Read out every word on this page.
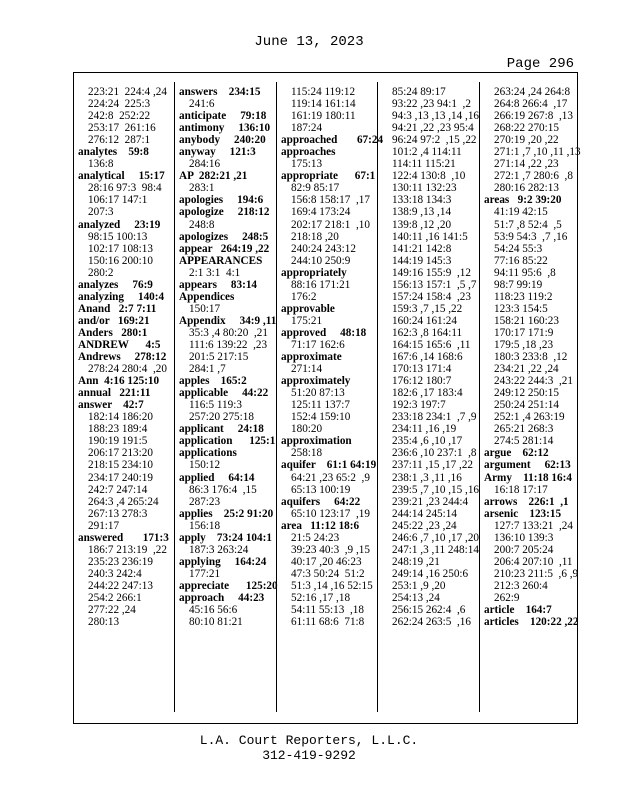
June 13, 2023
Page 296
223:21  224:4 ,24
224:24  225:3
242:8  252:22
253:17  261:16
276:12  287:1
analytes    59:8
136:8
analytical     15:17
28:16 97:3  98:4
106:17 147:1
207:3
analyzed     23:19
98:15 100:13
102:17 108:13
150:16 200:10
280:2
analyzes     76:9
analyzing     140:4
Anand   2:7 7:11
and/or   169:21
Anders   280:1
ANDREW      4:5
Andrews     278:12
278:24 280:4  ,20
Ann  4:16 125:10
annual   221:11
answer    42:7
182:14 186:20
188:23 189:4
190:19 191:5
206:17 213:20
218:15 234:10
234:17 240:19
242:7 247:14
264:3 ,4 265:24
267:13 278:3
291:17
answered       171:3
186:7 213:19  ,22
235:23 236:19
240:3 242:4
244:22 247:13
254:2 266:1
277:22 ,24
280:13
answers    234:15
241:6
anticipate     79:18
antimony     136:10
anybody     240:20
anyway     121:3
284:16
AP  282:21 ,21
283:1
apologies     194:6
apologize     218:12
248:8
apologizes     248:5
appear   264:19 ,22
APPEARANCES
2:1 3:1  4:1
appears     83:14
Appendices
150:17
Appendix     34:9 ,11
35:3 ,4 80:20  ,21
111:6 139:22  ,23
201:5 217:15
284:1 ,7
apples    165:2
applicable     44:22
116:5 119:3
257:20 275:18
applicant     24:18
application      125:1
applications
150:12
applied     64:14
86:3 176:4  ,15
287:23
applies    25:2 91:20
156:18
apply    73:24 104:1
187:3 263:24
applying     164:24
177:21
appreciate      125:20
approach     44:23
45:16 56:6
80:10 81:21
115:24 119:12
119:14 161:14
161:19 180:11
187:24
approached       67:24
approaches
175:13
appropriate      67:1
82:9 85:17
156:8 158:17  ,17
169:4 173:24
202:17 218:1  ,10
218:18 ,20
240:24 243:12
244:10 250:9
appropriately
88:16 171:21
176:2
approvable
175:21
approved     48:18
71:17 162:6
approximate
271:14
approximately
51:20 87:13
125:11 137:7
152:4 159:10
180:20
approximation
258:18
aquifer    61:1 64:19
64:21 ,23 65:2  ,9
65:13 100:19
aquifers     64:22
65:10 123:17  ,19
area   11:12 18:6
21:5 24:23
39:23 40:3  ,9 ,15
40:17 ,20 46:23
47:3 50:24  51:2
51:3 ,14 ,16 52:15
52:16 ,17 ,18
54:11 55:13  ,18
61:11 68:6  71:8
85:24 89:17
93:22 ,23 94:1  ,2
94:3 ,13 ,13 ,14 ,16
94:21 ,22 ,23 95:4
96:24 97:2  ,15 ,22
101:2 ,4 114:11
114:11 115:21
122:4 130:8  ,10
130:11 132:23
133:18 134:3
138:9 ,13 ,14
139:8 ,12 ,20
140:11 ,16 141:5
141:21 142:8
144:19 145:3
149:16 155:9  ,12
156:13 157:1  ,5 ,7
157:24 158:4  ,23
159:3 ,7 ,15 ,22
160:24 161:24
162:3 ,8 164:11
164:15 165:6  ,11
167:6 ,14 168:6
170:13 171:4
176:12 180:7
182:6 ,17 183:4
192:3 197:7
233:18 234:1  ,7 ,9
234:11 ,16 ,19
235:4 ,6 ,10 ,17
236:6 ,10 237:1  ,8
237:11 ,15 ,17 ,22
238:1 ,3 ,11 ,16
239:5 ,7 ,10 ,15 ,16
239:21 ,23 244:4
244:14 245:14
245:22 ,23 ,24
246:6 ,7 ,10 ,17 ,20
247:1 ,3 ,11 248:14
248:19 ,21
249:14 ,16 250:6
253:1 ,9 ,20
254:13 ,24
256:15 262:4  ,6
262:24 263:5  ,16
263:24 ,24 264:8
264:8 266:4  ,17
266:19 267:8  ,13
268:22 270:15
270:19 ,20 ,22
271:1 ,7 ,10 ,11 ,13
271:14 ,22 ,23
272:1 ,7 280:6  ,8
280:16 282:13
areas   9:2 39:20
41:19 42:15
51:7 ,8 52:4  ,5
53:9 54:3  ,7 ,16
54:24 55:3
77:16 85:22
94:11 95:6  ,8
98:7 99:19
118:23 119:2
123:3 154:5
158:21 160:23
170:17 171:9
179:5 ,18 ,23
180:3 233:8  ,12
234:21 ,22 ,24
243:22 244:3  ,21
249:12 250:15
250:24 251:14
252:1 ,4 263:19
265:21 268:3
274:5 281:14
argue    62:12
argument     62:13
Army    11:18 16:4
16:18 17:17
arrows    226:1  ,1
arsenic    123:15
127:7 133:21  ,24
136:10 139:3
200:7 205:24
206:4 207:10  ,11
210:23 211:5  ,6 ,9
212:3 260:4
262:9
article    164:7
articles    120:22 ,22
L.A. Court Reporters, L.L.C.
312-419-9292
